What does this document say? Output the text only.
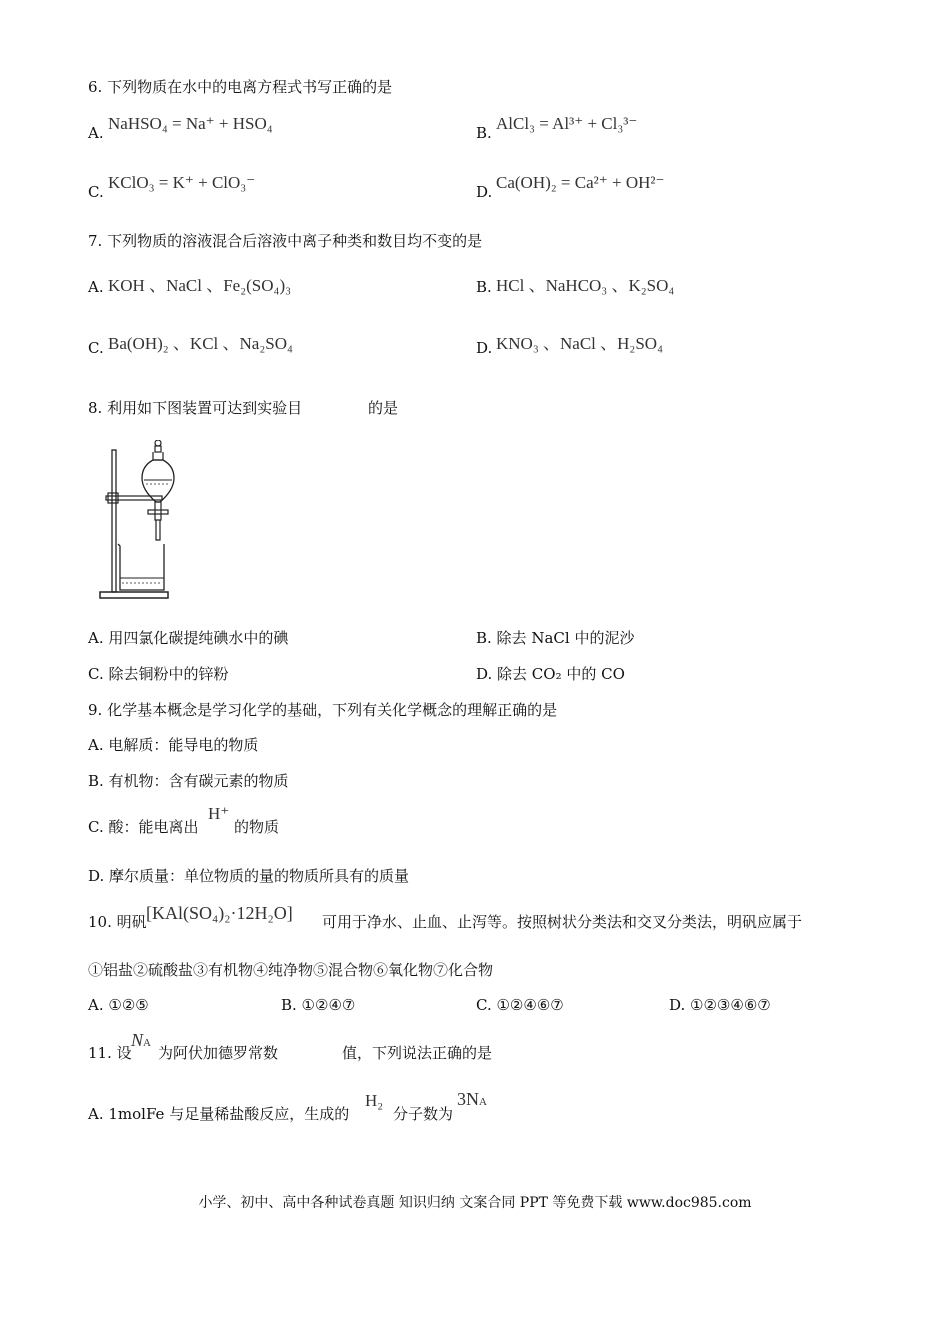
6. 下列物质在水中的电离方程式书写正确的是
A. NaHSO₄ = Na⁺ + HSO₄	B. AlCl₃ = Al³⁺ + Cl₃³⁻
C. KClO₃ = K⁺ + ClO₃⁻	D. Ca(OH)₂ = Ca²⁺ + OH²⁻
7. 下列物质的溶液混合后溶液中离子种类和数目均不变的是
A. KOH 、NaCl 、Fe₂(SO₄)₃	B. HCl 、NaHCO₃ 、K₂SO₄
C. Ba(OH)₂ 、KCl 、Na₂SO₄	D. KNO₃ 、NaCl 、H₂SO₄
8. 利用如下图装置可达到实验目	的是
A. 用四氯化碳提纯碘水中的碘	B. 除去 NaCl 中的泥沙
C. 除去铜粉中的锌粉	D. 除去 CO₂ 中的 CO
9. 化学基本概念是学习化学的基础，下列有关化学概念的理解正确的是
A. 电解质：能导电的物质
B. 有机物：含有碳元素的物质
C. 酸：能电离出
H⁺
的物质
D. 摩尔质量：单位物质的量的物质所具有的质量
10. 明矾 [KAl(SO₄)₂·12H₂O] 可用于净水、止血、止泻等。按照树状分类法和交叉分类法，明矾应属于
①铝盐②硫酸盐③有机物④纯净物⑤混合物⑥氧化物⑦化合物
A. ①②⑤	B. ①②④⑦	C. ①②④⑥⑦	D. ①②③④⑥⑦
11. 设
NA
为阿伏加德罗常数	值，下列说法正确的是
A. 1molFe 与足量稀盐酸反应，生成的
H₂
分子数为
3NA
小学、初中、高中各种试卷真题 知识归纳 文案合同 PPT 等免费下载 www.doc985.com
